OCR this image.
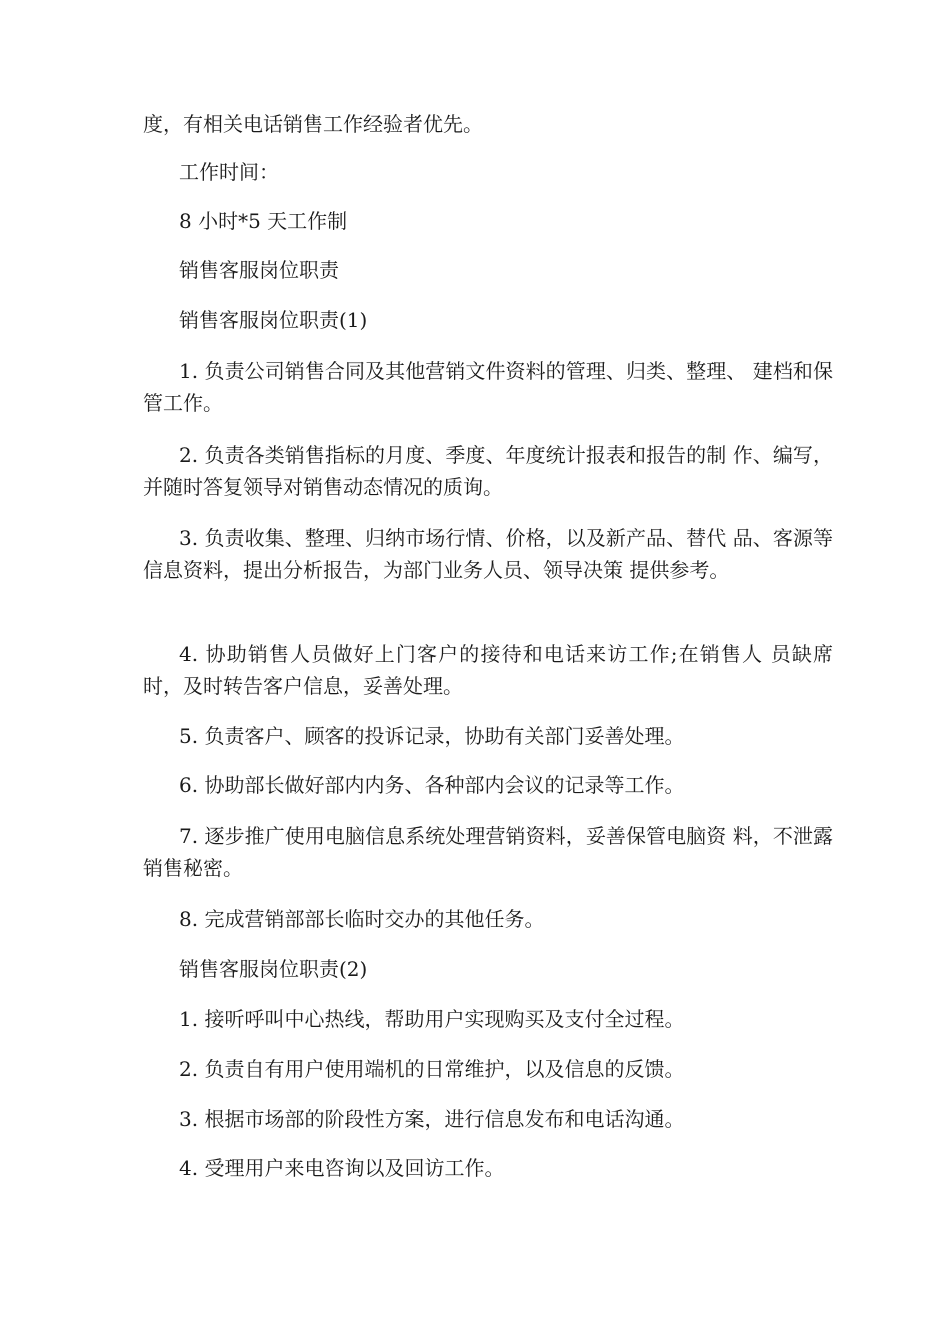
度，有相关电话销售工作经验者优先。

工作时间：

8 小时*5 天工作制

销售客服岗位职责

销售客服岗位职责(1)

1. 负责公司销售合同及其他营销文件资料的管理、归类、整理、 建档和保管工作。

2. 负责各类销售指标的月度、季度、年度统计报表和报告的制 作、编写，并随时答复领导对销售动态情况的质询。

3. 负责收集、整理、归纳市场行情、价格，以及新产品、替代 品、客源等信息资料，提出分析报告，为部门业务人员、领导决策 提供参考。

4. 协助销售人员做好上门客户的接待和电话来访工作;在销售人 员缺席时，及时转告客户信息，妥善处理。

5. 负责客户、顾客的投诉记录，协助有关部门妥善处理。

6. 协助部长做好部内内务、各种部内会议的记录等工作。

7. 逐步推广使用电脑信息系统处理营销资料，妥善保管电脑资 料，不泄露销售秘密。

8. 完成营销部部长临时交办的其他任务。

销售客服岗位职责(2)

1. 接听呼叫中心热线，帮助用户实现购买及支付全过程。

2. 负责自有用户使用端机的日常维护，以及信息的反馈。

3. 根据市场部的阶段性方案，进行信息发布和电话沟通。

4. 受理用户来电咨询以及回访工作。
